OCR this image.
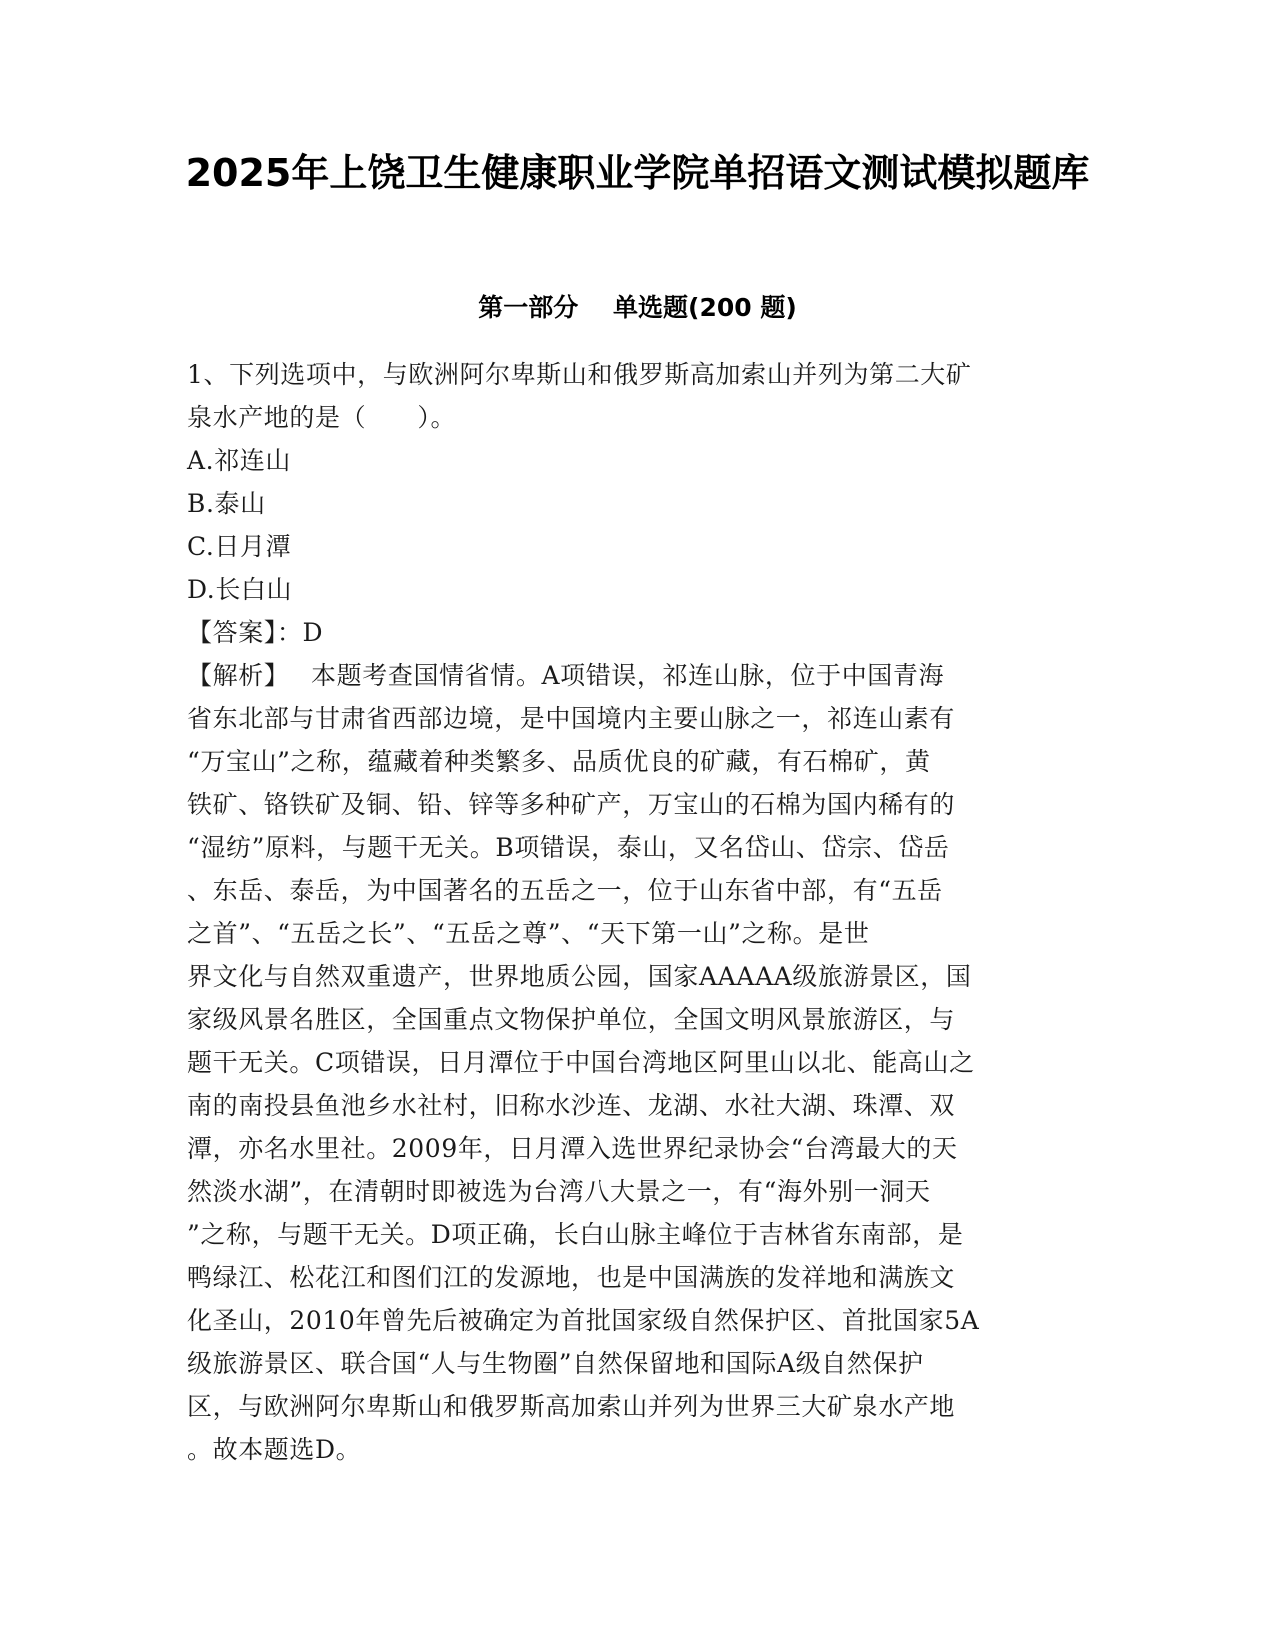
2025年上饶卫生健康职业学院单招语文测试模拟题库
第一部分    单选题(200 题)
1、下列选项中，与欧洲阿尔卑斯山和俄罗斯高加索山并列为第二大矿
泉水产地的是（　　）。
A.祁连山
B.泰山
C.日月潭
D.长白山
【答案】：D
【解析】　 本题考查国情省情。A项错误，祁连山脉，位于中国青海
省东北部与甘肃省西部边境，是中国境内主要山脉之一，祁连山素有
“万宝山”之称，蕴藏着种类繁多、品质优良的矿藏，有石棉矿，黄
铁矿、铬铁矿及铜、铅、锌等多种矿产，万宝山的石棉为国内稀有的
“湿纺”原料，与题干无关。B项错误，泰山，又名岱山、岱宗、岱岳
、东岳、泰岳，为中国著名的五岳之一，位于山东省中部，有“五岳
之首”、“五岳之长”、“五岳之尊”、“天下第一山”之称。是世
界文化与自然双重遗产，世界地质公园，国家AAAAA级旅游景区，国
家级风景名胜区，全国重点文物保护单位，全国文明风景旅游区，与
题干无关。C项错误，日月潭位于中国台湾地区阿里山以北、能高山之
南的南投县鱼池乡水社村，旧称水沙连、龙湖、水社大湖、珠潭、双
潭，亦名水里社。2009年，日月潭入选世界纪录协会“台湾最大的天
然淡水湖”，在清朝时即被选为台湾八大景之一，有“海外别一洞天
”之称，与题干无关。D项正确，长白山脉主峰位于吉林省东南部，是
鸭绿江、松花江和图们江的发源地，也是中国满族的发祥地和满族文
化圣山，2010年曾先后被确定为首批国家级自然保护区、首批国家5A
级旅游景区、联合国“人与生物圈”自然保留地和国际A级自然保护
区，与欧洲阿尔卑斯山和俄罗斯高加索山并列为世界三大矿泉水产地
。故本题选D。
